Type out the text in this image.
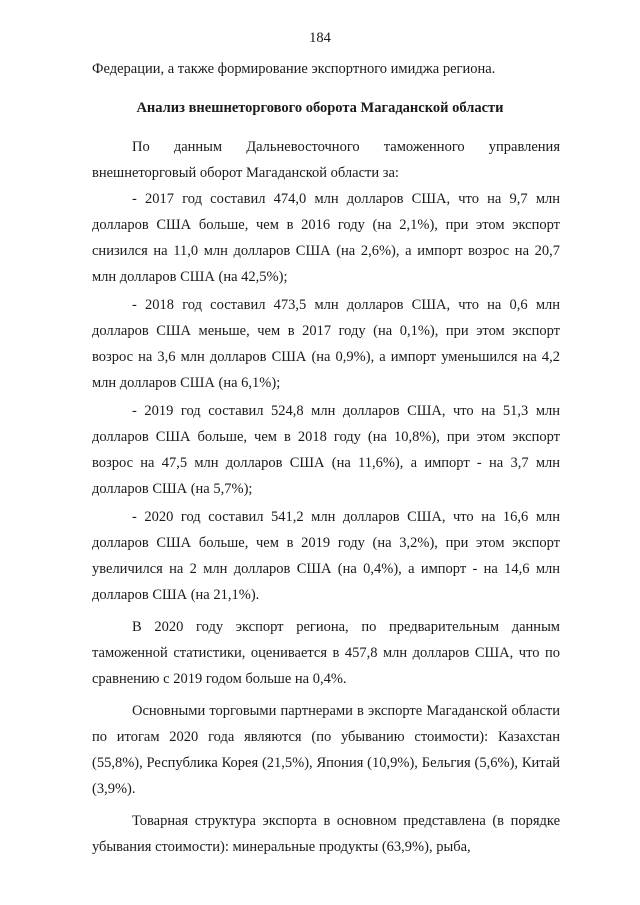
184

Федерации, а также формирование экспортного имиджа региона.

Анализ внешнеторгового оборота Магаданской области

По данным Дальневосточного таможенного управления внешнеторговый оборот Магаданской области за:

- 2017 год составил 474,0 млн долларов США, что на 9,7 млн долларов США больше, чем в 2016 году (на 2,1%), при этом экспорт снизился на 11,0 млн долларов США (на 2,6%), а импорт возрос на 20,7 млн долларов США (на 42,5%);

- 2018 год составил 473,5 млн долларов США, что на 0,6 млн долларов США меньше, чем в 2017 году (на 0,1%), при этом экспорт возрос на 3,6 млн долларов США (на 0,9%), а импорт уменьшился на 4,2 млн долларов США (на 6,1%);

- 2019 год составил 524,8 млн долларов США, что на 51,3 млн долларов США больше, чем в 2018 году (на 10,8%), при этом экспорт возрос на 47,5 млн долларов США (на 11,6%), а импорт - на 3,7 млн долларов США (на 5,7%);

- 2020 год составил 541,2 млн долларов США, что на 16,6 млн долларов США больше, чем в 2019 году (на 3,2%), при этом экспорт увеличился на 2 млн долларов США (на 0,4%), а импорт - на 14,6 млн долларов США (на 21,1%).

В 2020 году экспорт региона, по предварительным данным таможенной статистики, оценивается в 457,8 млн долларов США, что по сравнению с 2019 годом больше на 0,4%.

Основными торговыми партнерами в экспорте Магаданской области по итогам 2020 года являются (по убыванию стоимости): Казахстан (55,8%), Республика Корея (21,5%), Япония (10,9%), Бельгия (5,6%), Китай (3,9%).

Товарная структура экспорта в основном представлена (в порядке убывания стоимости): минеральные продукты (63,9%), рыба,
